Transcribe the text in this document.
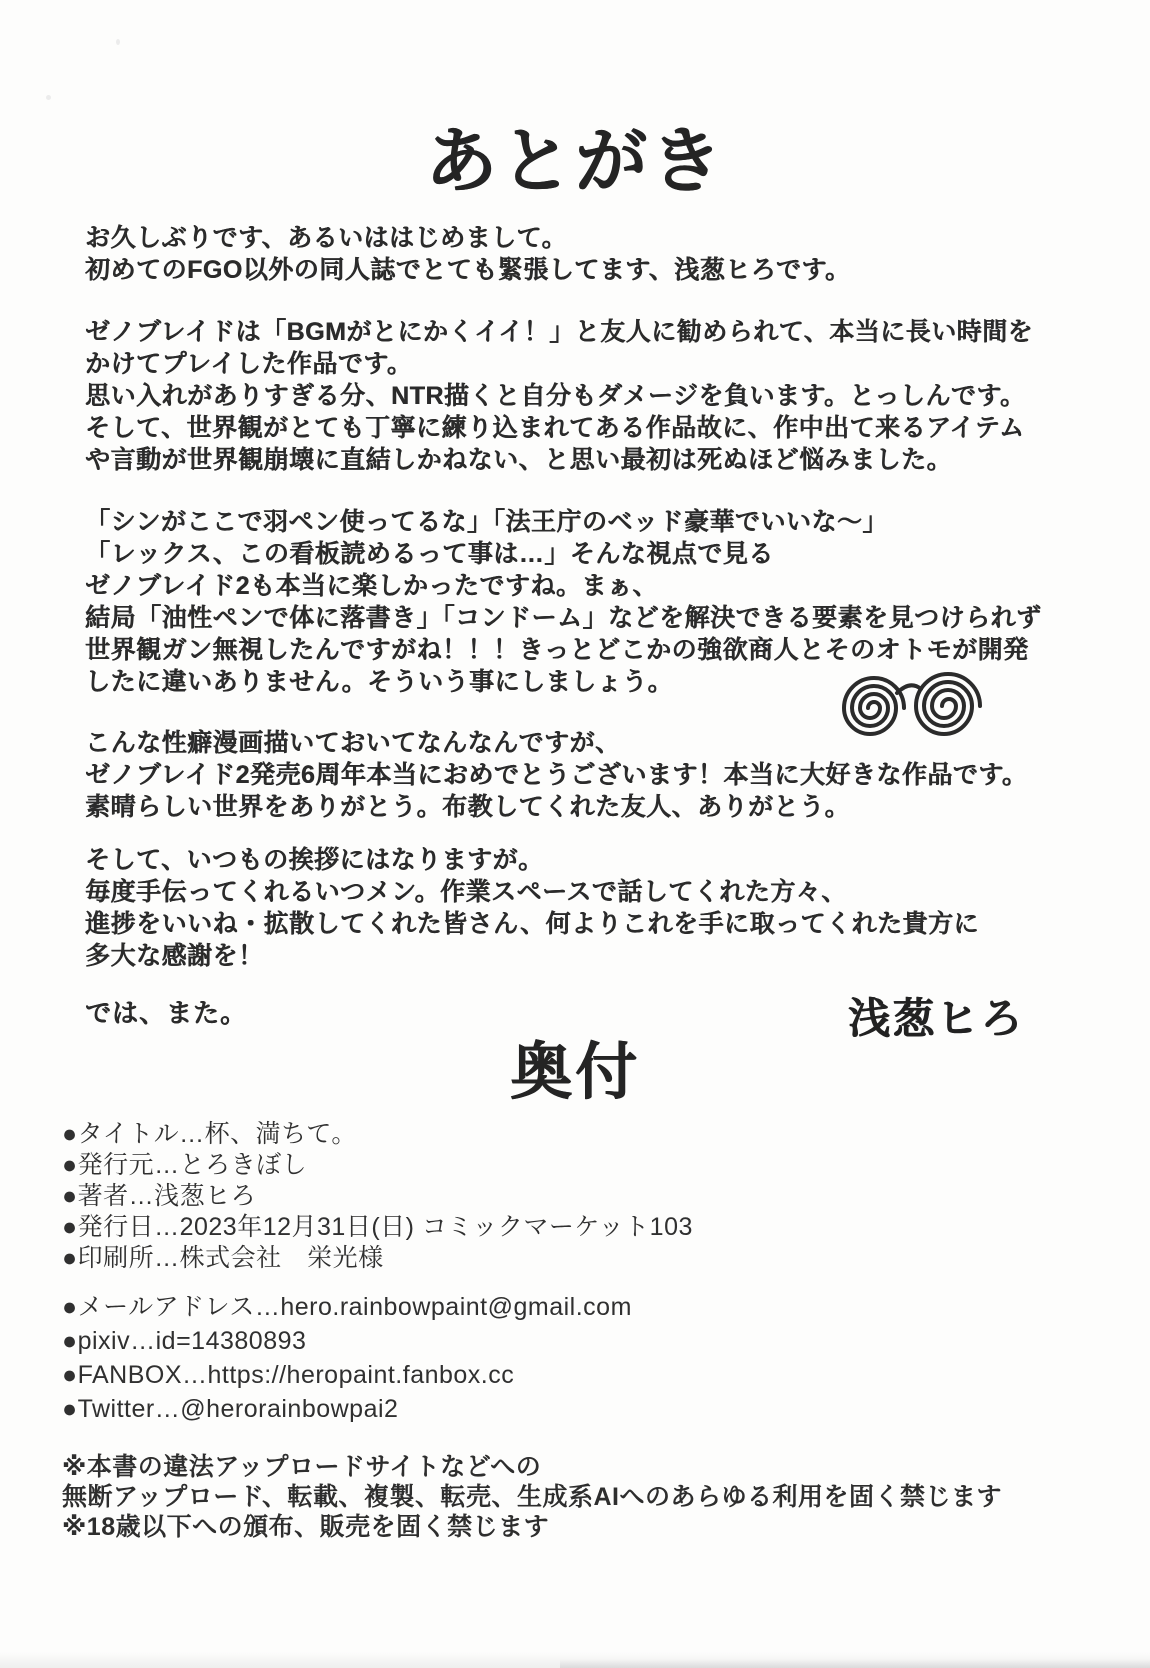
あとがき
お久しぶりです、あるいははじめまして。
初めてのFGO以外の同人誌でとても緊張してます、浅葱ヒろです。
ゼノブレイドは「BGMがとにかくイイ！」と友人に勧められて、本当に長い時間を
かけてプレイした作品です。
思い入れがありすぎる分、NTR描くと自分もダメージを負います。とっしんです。
そして、世界観がとても丁寧に練り込まれてある作品故に、作中出て来るアイテム
や言動が世界観崩壊に直結しかねない、と思い最初は死ぬほど悩みました。
「シンがここで羽ペン使ってるな」「法王庁のベッド豪華でいいな～」
「レックス、この看板読めるって事は…」そんな視点で見る
ゼノブレイド2も本当に楽しかったですね。まぁ、
結局「油性ペンで体に落書き」「コンドーム」などを解決できる要素を見つけられず
世界観ガン無視したんですがね！！！きっとどこかの強欲商人とそのオトモが開発
したに違いありません。そういう事にしましょう。
こんな性癖漫画描いておいてなんなんですが、
ゼノブレイド2発売6周年本当におめでとうございます！本当に大好きな作品です。
素晴らしい世界をありがとう。布教してくれた友人、ありがとう。
そして、いつもの挨拶にはなりますが。
毎度手伝ってくれるいつメン。作業スペースで話してくれた方々、
進捗をいいね・拡散してくれた皆さん、何よりこれを手に取ってくれた貴方に
多大な感謝を！
では、また。	浅葱ヒろ
奥付
●タイトル…杯、満ちて。
●発行元…とろきぼし
●著者…浅葱ヒろ
●発行日…2023年12月31日(日) コミックマーケット103
●印刷所…株式会社　栄光様
●メールアドレス…hero.rainbowpaint@gmail.com
●pixiv…id=14380893
●FANBOX…https://heropaint.fanbox.cc
●Twitter…@herorainbowpai2
※本書の違法アップロードサイトなどへの
無断アップロード、転載、複製、転売、生成系AIへのあらゆる利用を固く禁じます
※18歳以下への頒布、販売を固く禁じます
